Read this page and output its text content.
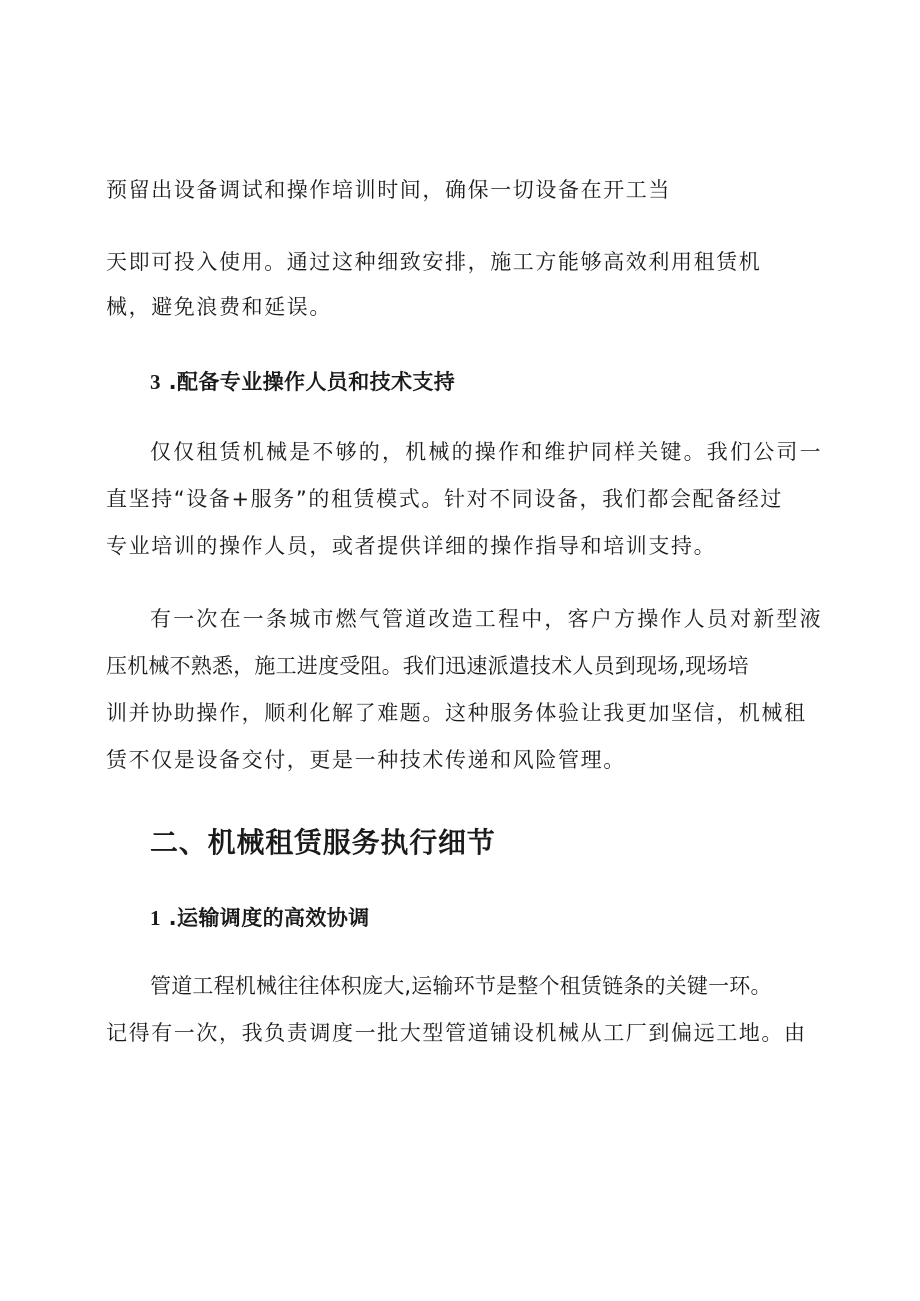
预留出设备调试和操作培训时间，确保一切设备在开工当
天即可投入使用。通过这种细致安排，施工方能够高效利用租赁机
械，避免浪费和延误。
3 .配备专业操作人员和技术支持
仅仅租赁机械是不够的，机械的操作和维护同样关键。我们公司一
直坚持“设备+服务”的租赁模式。针对不同设备，我们都会配备经过
专业培训的操作人员，或者提供详细的操作指导和培训支持。
有一次在一条城市燃气管道改造工程中，客户方操作人员对新型液
压机械不熟悉，施工进度受阻。我们迅速派遣技术人员到现场,现场培
训并协助操作，顺利化解了难题。这种服务体验让我更加坚信，机械租
赁不仅是设备交付，更是一种技术传递和风险管理。
二、机械租赁服务执行细节
1 .运输调度的高效协调
管道工程机械往往体积庞大,运输环节是整个租赁链条的关键一环。
记得有一次，我负责调度一批大型管道铺设机械从工厂到偏远工地。由
